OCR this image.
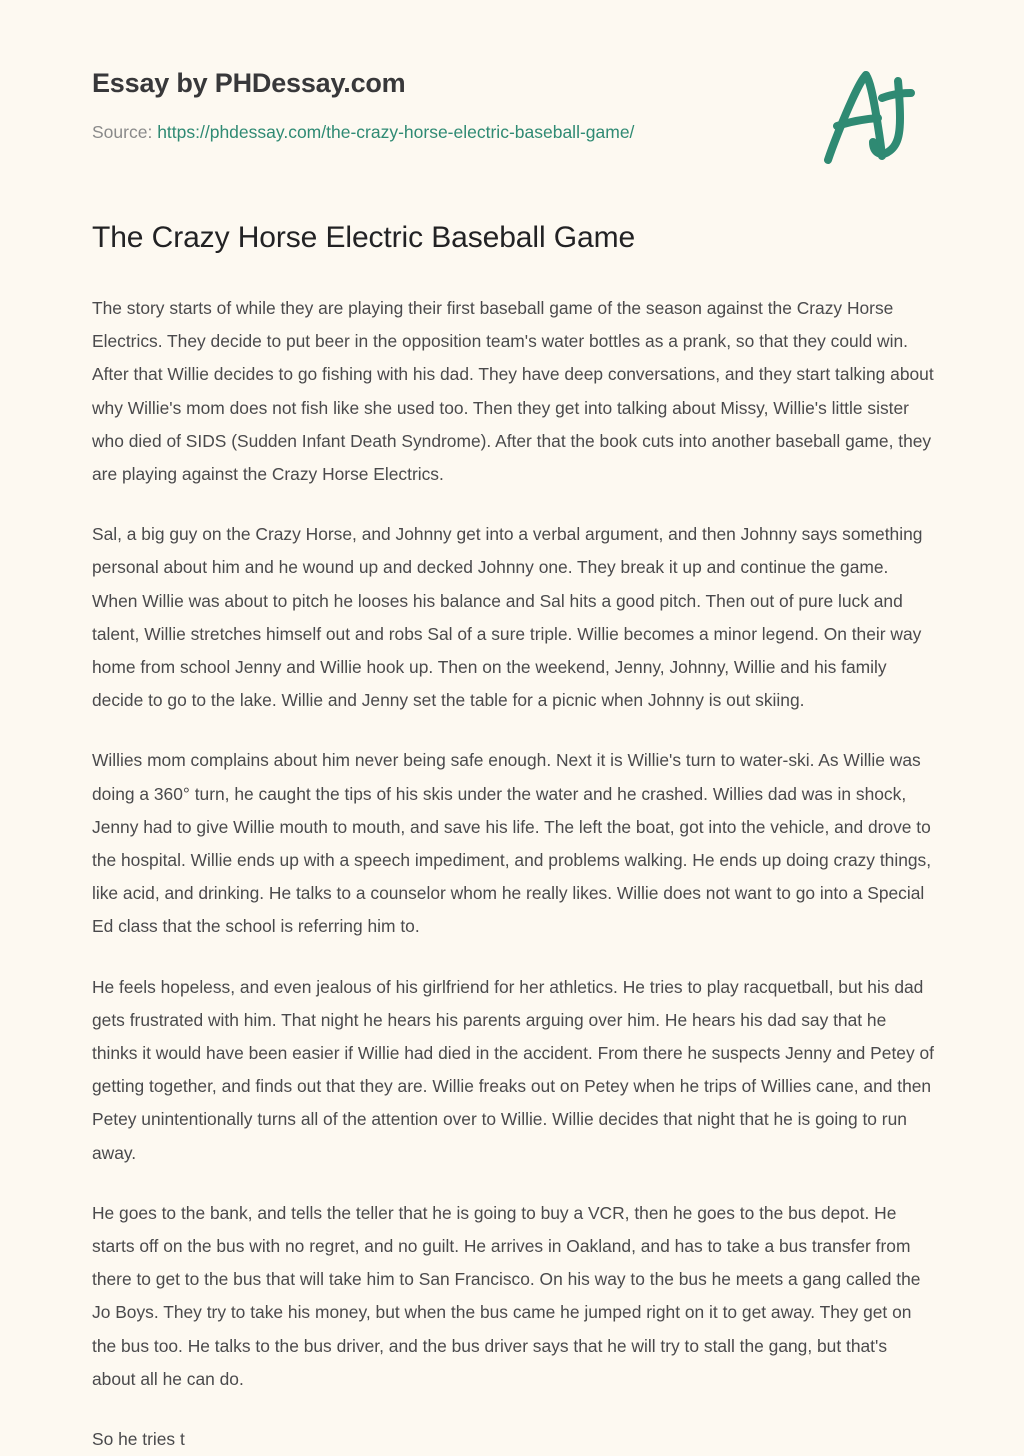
Essay by PHDessay.com
Source: https://phdessay.com/the-crazy-horse-electric-baseball-game/
The Crazy Horse Electric Baseball Game

The story starts of while they are playing their first baseball game of the season against the Crazy Horse Electrics. They decide to put beer in the opposition team's water bottles as a prank, so that they could win. After that Willie decides to go fishing with his dad. They have deep conversations, and they start talking about why Willie's mom does not fish like she used too. Then they get into talking about Missy, Willie's little sister who died of SIDS (Sudden Infant Death Syndrome). After that the book cuts into another baseball game, they are playing against the Crazy Horse Electrics.

Sal, a big guy on the Crazy Horse, and Johnny get into a verbal argument, and then Johnny says something personal about him and he wound up and decked Johnny one. They break it up and continue the game. When Willie was about to pitch he looses his balance and Sal hits a good pitch. Then out of pure luck and talent, Willie stretches himself out and robs Sal of a sure triple. Willie becomes a minor legend. On their way home from school Jenny and Willie hook up. Then on the weekend, Jenny, Johnny, Willie and his family decide to go to the lake. Willie and Jenny set the table for a picnic when Johnny is out skiing.

Willies mom complains about him never being safe enough. Next it is Willie's turn to water-ski. As Willie was doing a 360° turn, he caught the tips of his skis under the water and he crashed. Willies dad was in shock, Jenny had to give Willie mouth to mouth, and save his life. The left the boat, got into the vehicle, and drove to the hospital. Willie ends up with a speech impediment, and problems walking. He ends up doing crazy things, like acid, and drinking. He talks to a counselor whom he really likes. Willie does not want to go into a Special Ed class that the school is referring him to.

He feels hopeless, and even jealous of his girlfriend for her athletics. He tries to play racquetball, but his dad gets frustrated with him. That night he hears his parents arguing over him. He hears his dad say that he thinks it would have been easier if Willie had died in the accident. From there he suspects Jenny and Petey of getting together, and finds out that they are. Willie freaks out on Petey when he trips of Willies cane, and then Petey unintentionally turns all of the attention over to Willie. Willie decides that night that he is going to run away.

He goes to the bank, and tells the teller that he is going to buy a VCR, then he goes to the bus depot. He starts off on the bus with no regret, and no guilt. He arrives in Oakland, and has to take a bus transfer from there to get to the bus that will take him to San Francisco. On his way to the bus he meets a gang called the Jo Boys. They try to take his money, but when the bus came he jumped right on it to get away. They get on the bus too. He talks to the bus driver, and the bus driver says that he will try to stall the gang, but that's about all he can do.

So he tries t
